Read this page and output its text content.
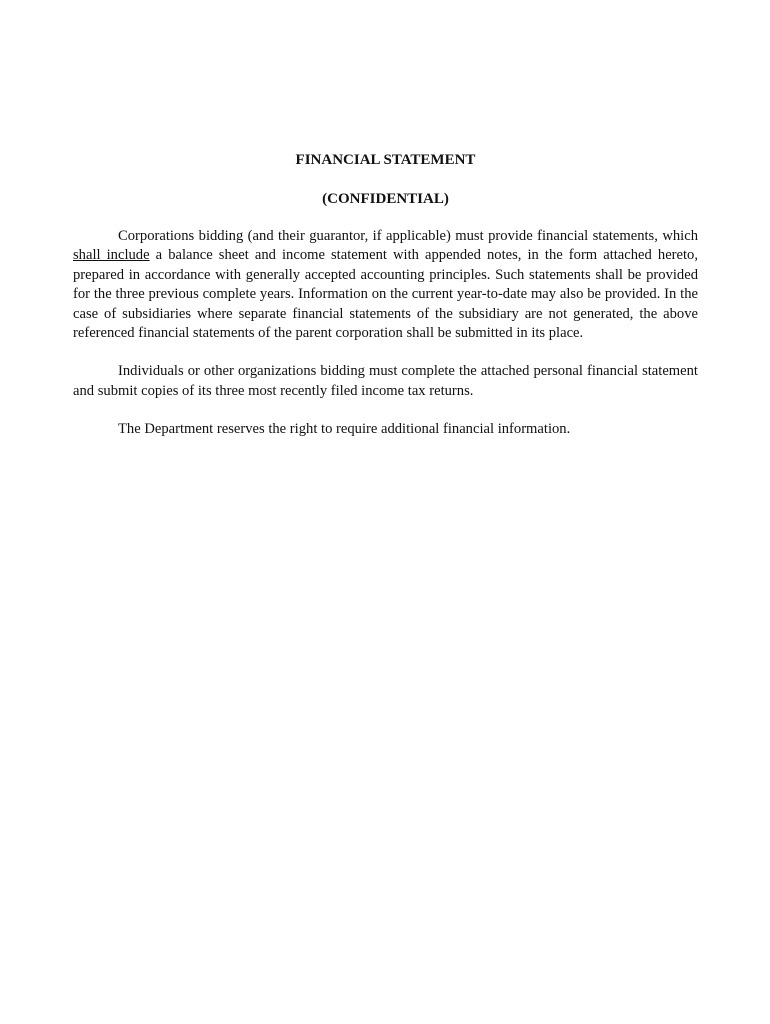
FINANCIAL STATEMENT
(CONFIDENTIAL)

Corporations bidding (and their guarantor, if applicable) must provide financial statements, which shall include a balance sheet and income statement with appended notes, in the form attached hereto, prepared in accordance with generally accepted accounting principles. Such statements shall be provided for the three previous complete years. Information on the current year-to-date may also be provided. In the case of subsidiaries where separate financial statements of the subsidiary are not generated, the above referenced financial statements of the parent corporation shall be submitted in its place.

Individuals or other organizations bidding must complete the attached personal financial statement and submit copies of its three most recently filed income tax returns.

The Department reserves the right to require additional financial information.
